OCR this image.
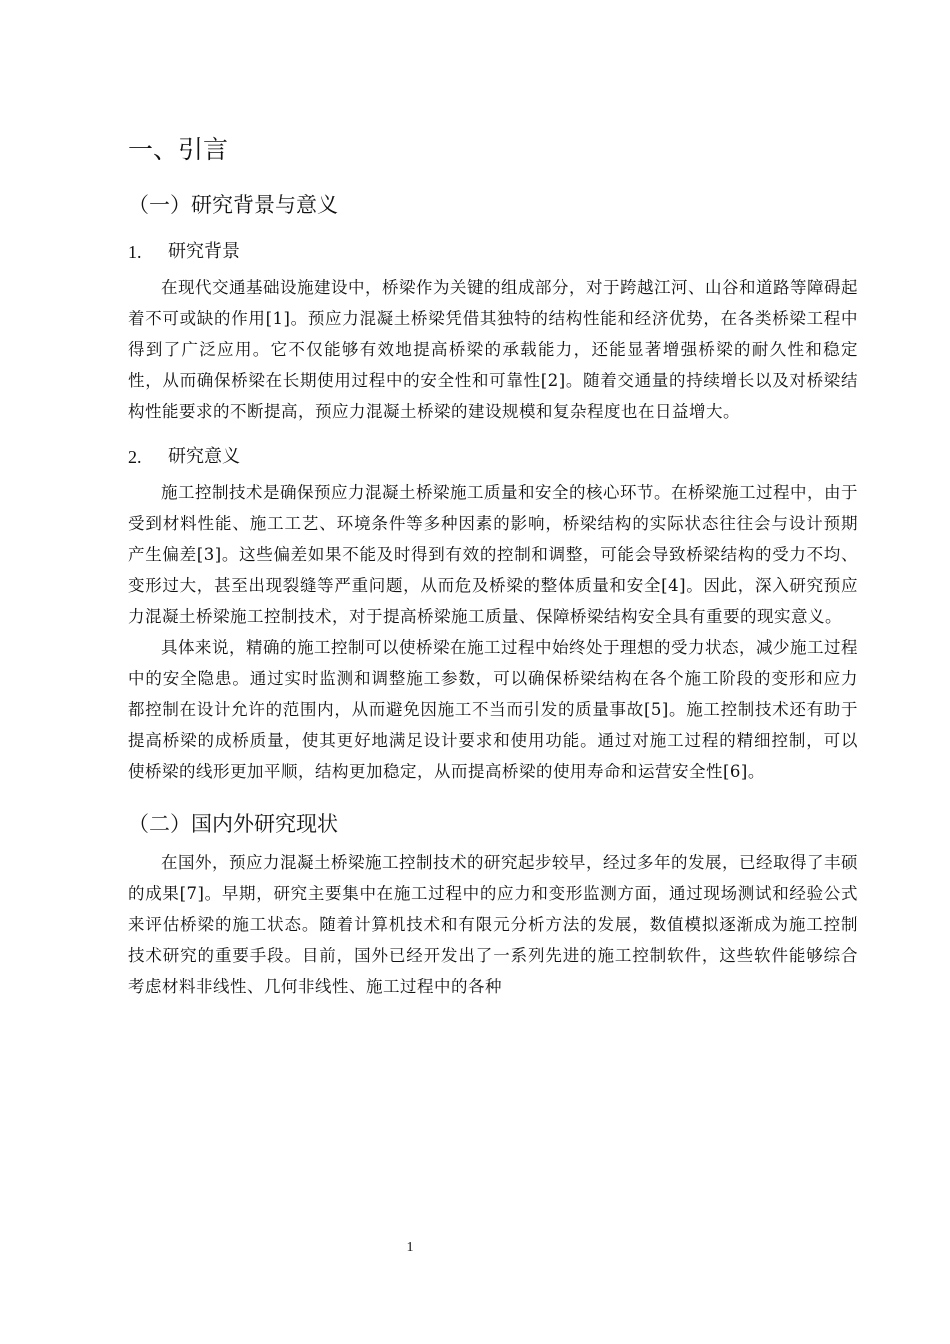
一、引言
（一）研究背景与意义
1.	研究背景

在现代交通基础设施建设中，桥梁作为关键的组成部分，对于跨越江河、山谷和道路等障碍起着不可或缺的作用[1]。预应力混凝土桥梁凭借其独特的结构性能和经济优势，在各类桥梁工程中得到了广泛应用。它不仅能够有效地提高桥梁的承载能力，还能显著增强桥梁的耐久性和稳定性，从而确保桥梁在长期使用过程中的安全性和可靠性[2]。随着交通量的持续增长以及对桥梁结构性能要求的不断提高，预应力混凝土桥梁的建设规模和复杂程度也在日益增大。

2.	研究意义

施工控制技术是确保预应力混凝土桥梁施工质量和安全的核心环节。在桥梁施工过程中，由于受到材料性能、施工工艺、环境条件等多种因素的影响，桥梁结构的实际状态往往会与设计预期产生偏差[3]。这些偏差如果不能及时得到有效的控制和调整，可能会导致桥梁结构的受力不均、变形过大，甚至出现裂缝等严重问题，从而危及桥梁的整体质量和安全[4]。因此，深入研究预应力混凝土桥梁施工控制技术，对于提高桥梁施工质量、保障桥梁结构安全具有重要的现实意义。

具体来说，精确的施工控制可以使桥梁在施工过程中始终处于理想的受力状态，减少施工过程中的安全隐患。通过实时监测和调整施工参数，可以确保桥梁结构在各个施工阶段的变形和应力都控制在设计允许的范围内，从而避免因施工不当而引发的质量事故[5]。施工控制技术还有助于提高桥梁的成桥质量，使其更好地满足设计要求和使用功能。通过对施工过程的精细控制，可以使桥梁的线形更加平顺，结构更加稳定，从而提高桥梁的使用寿命和运营安全性[6]。

（二）国内外研究现状

在国外，预应力混凝土桥梁施工控制技术的研究起步较早，经过多年的发展，已经取得了丰硕的成果[7]。早期，研究主要集中在施工过程中的应力和变形监测方面，通过现场测试和经验公式来评估桥梁的施工状态。随着计算机技术和有限元分析方法的发展，数值模拟逐渐成为施工控制技术研究的重要手段。目前，国外已经开发出了一系列先进的施工控制软件，这些软件能够综合考虑材料非线性、几何非线性、施工过程中的各种

1
